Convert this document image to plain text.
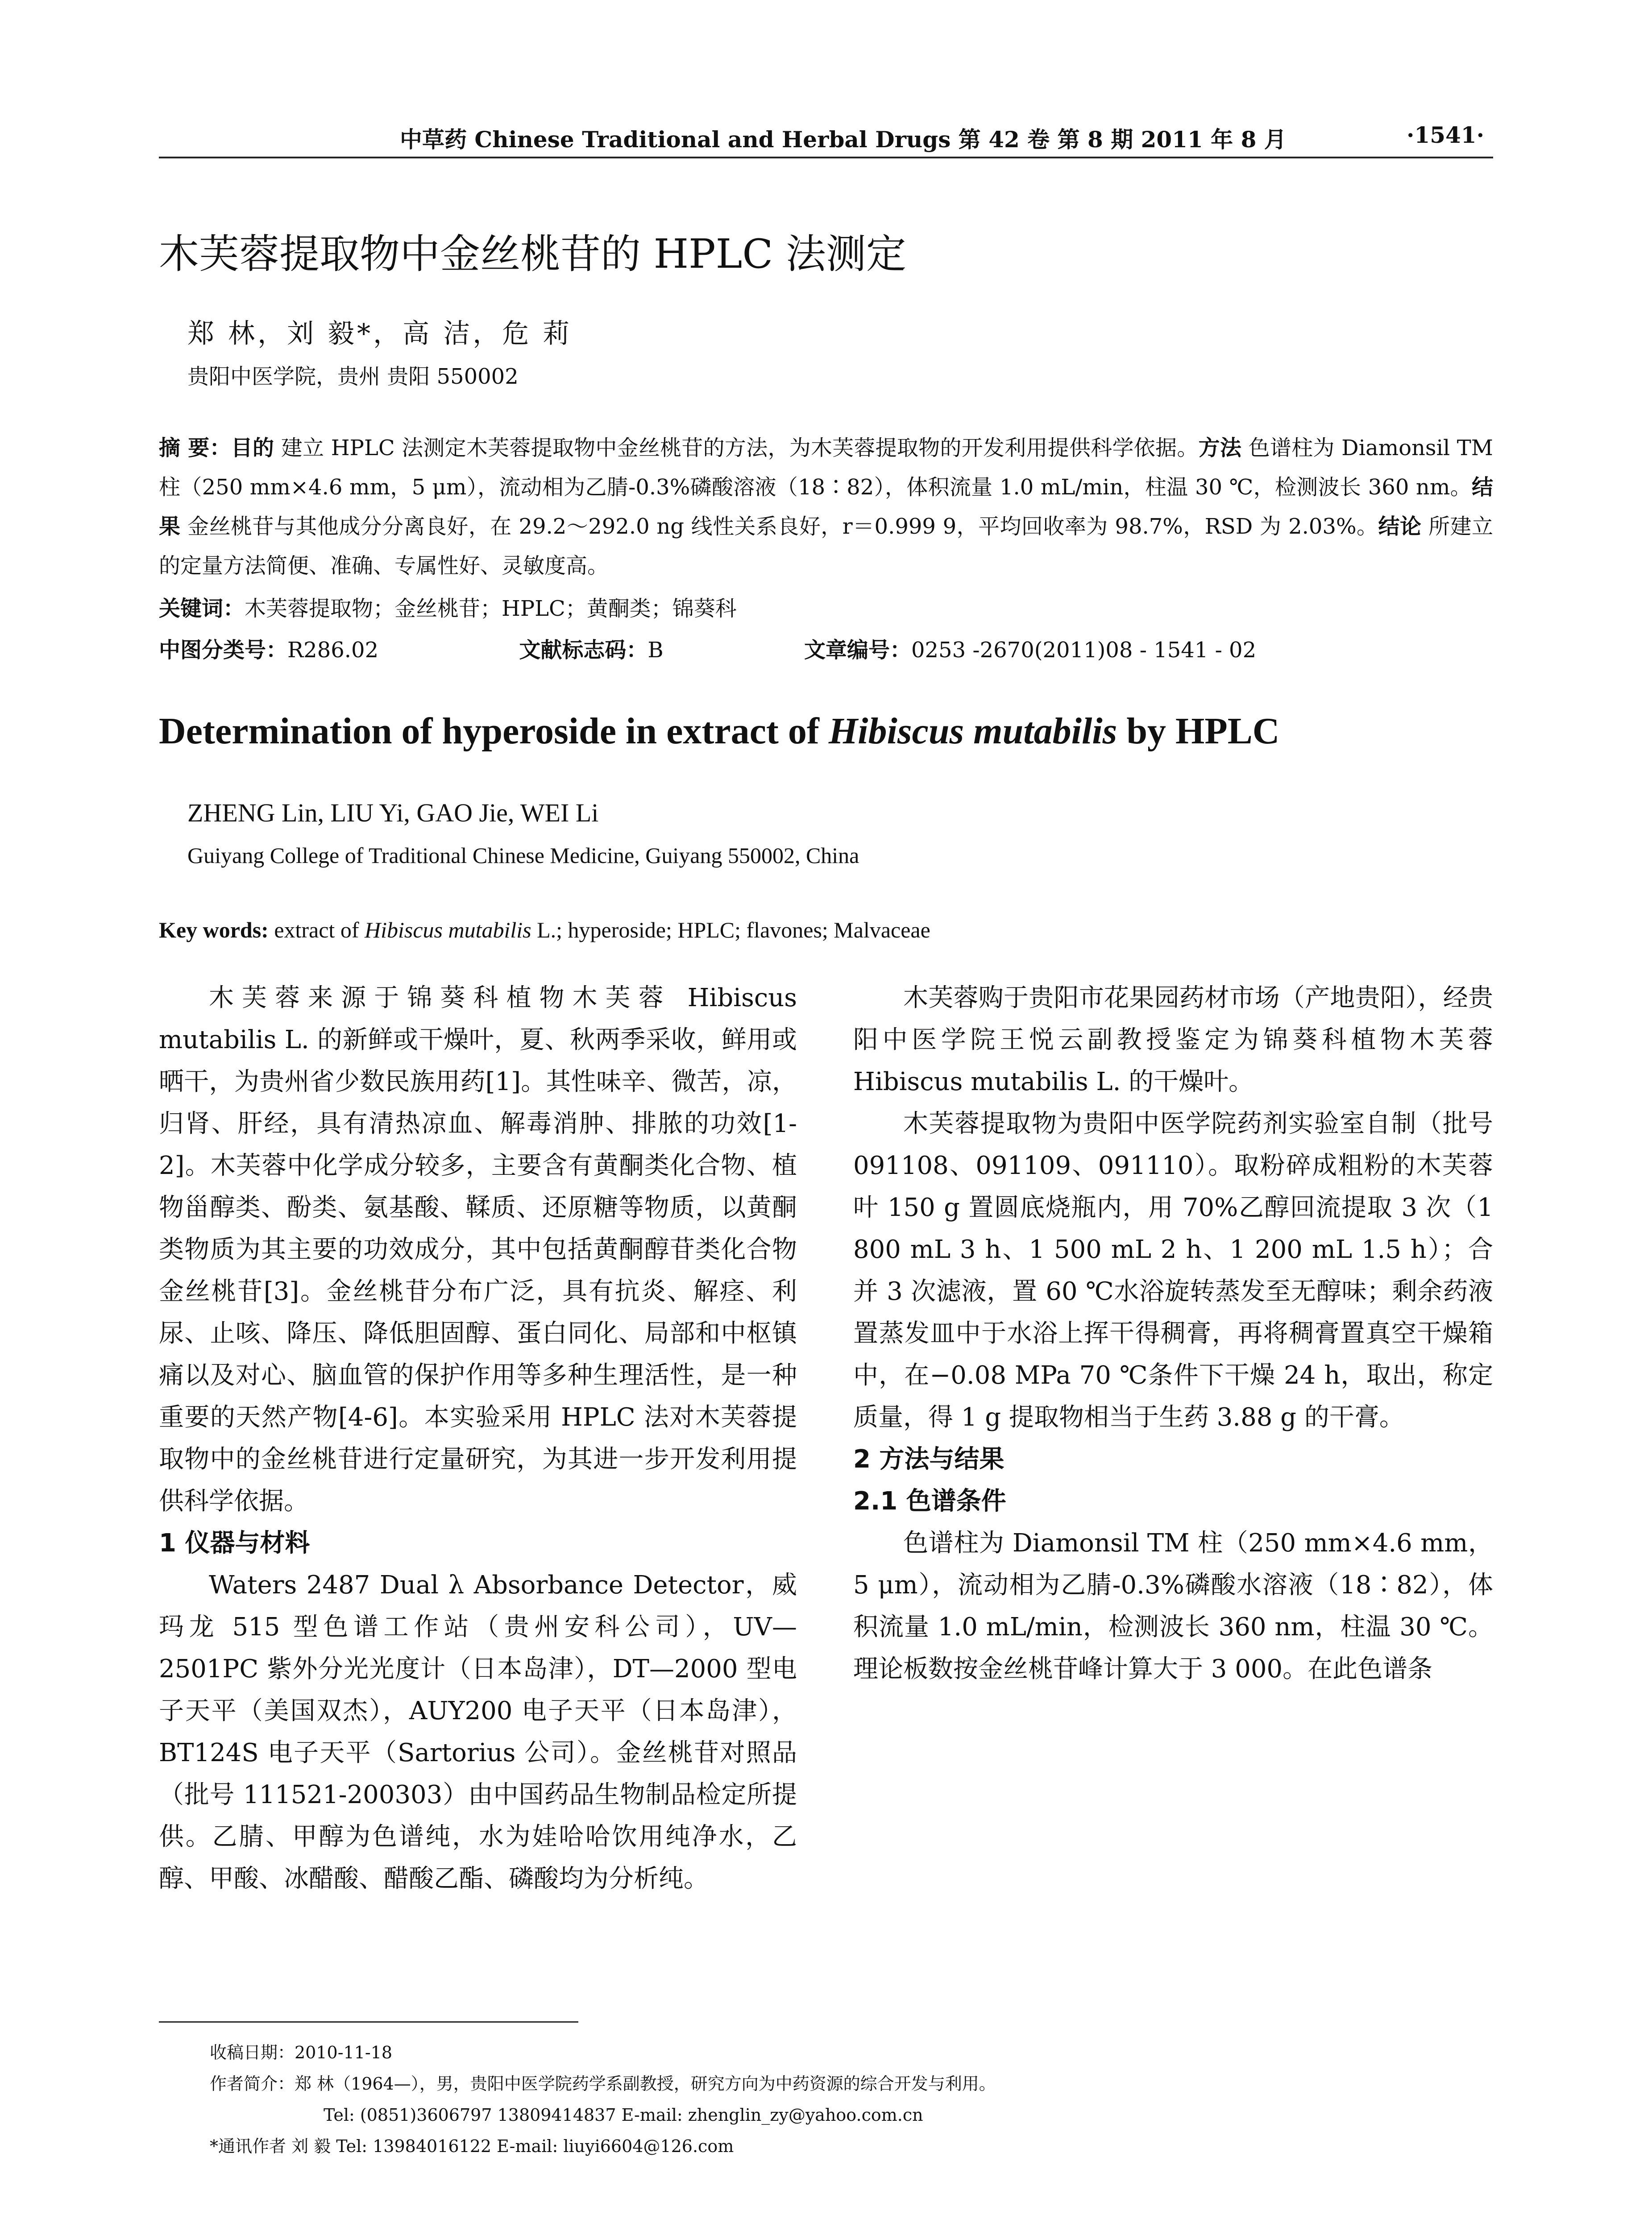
中草药 Chinese Traditional and Herbal Drugs 第 42 卷 第 8 期 2011 年 8 月	·1541·
木芙蓉提取物中金丝桃苷的 HPLC 法测定
郑 林，刘 毅*，高 洁，危 莉
贵阳中医学院，贵州 贵阳 550002
摘 要：目的 建立 HPLC 法测定木芙蓉提取物中金丝桃苷的方法，为木芙蓉提取物的开发利用提供科学依据。方法 色谱柱为 Diamonsil TM 柱（250 mm×4.6 mm，5 μm），流动相为乙腈-0.3%磷酸溶液（18∶82），体积流量 1.0 mL/min，柱温 30 ℃，检测波长 360 nm。结果 金丝桃苷与其他成分分离良好，在 29.2～292.0 ng 线性关系良好，r＝0.999 9，平均回收率为 98.7%，RSD 为 2.03%。结论 所建立的定量方法简便、准确、专属性好、灵敏度高。
关键词：木芙蓉提取物；金丝桃苷；HPLC；黄酮类；锦葵科
中图分类号：R286.02	文献标志码：B	文章编号：0253 -2670(2011)08 - 1541 - 02
Determination of hyperoside in extract of Hibiscus mutabilis by HPLC
ZHENG Lin, LIU Yi, GAO Jie, WEI Li
Guiyang College of Traditional Chinese Medicine, Guiyang 550002, China
Key words: extract of Hibiscus mutabilis L.; hyperoside; HPLC; flavones; Malvaceae

木芙蓉来源于锦葵科植物木芙蓉 Hibiscus mutabilis L. 的新鲜或干燥叶，夏、秋两季采收，鲜用或晒干，为贵州省少数民族用药[1]。其性味辛、微苦，凉，归肾、肝经，具有清热凉血、解毒消肿、排脓的功效[1-2]。木芙蓉中化学成分较多，主要含有黄酮类化合物、植物甾醇类、酚类、氨基酸、鞣质、还原糖等物质，以黄酮类物质为其主要的功效成分，其中包括黄酮醇苷类化合物金丝桃苷[3]。金丝桃苷分布广泛，具有抗炎、解痉、利尿、止咳、降压、降低胆固醇、蛋白同化、局部和中枢镇痛以及对心、脑血管的保护作用等多种生理活性，是一种重要的天然产物[4-6]。本实验采用 HPLC 法对木芙蓉提取物中的金丝桃苷进行定量研究，为其进一步开发利用提供科学依据。

1 仪器与材料

Waters 2487 Dual λ Absorbance Detector，威玛龙 515 型色谱工作站（贵州安科公司），UV—2501PC 紫外分光光度计（日本岛津），DT—2000 型电子天平（美国双杰），AUY200 电子天平（日本岛津），BT124S 电子天平（Sartorius 公司）。金丝桃苷对照品（批号 111521-200303）由中国药品生物制品检定所提供。乙腈、甲醇为色谱纯，水为娃哈哈饮用纯净水，乙醇、甲酸、冰醋酸、醋酸乙酯、磷酸均为分析纯。

木芙蓉购于贵阳市花果园药材市场（产地贵阳），经贵阳中医学院王悦云副教授鉴定为锦葵科植物木芙蓉 Hibiscus mutabilis L. 的干燥叶。

木芙蓉提取物为贵阳中医学院药剂实验室自制（批号 091108、091109、091110）。取粉碎成粗粉的木芙蓉叶 150 g 置圆底烧瓶内，用 70%乙醇回流提取 3 次（1 800 mL 3 h、1 500 mL 2 h、1 200 mL 1.5 h）；合并 3 次滤液，置 60 ℃水浴旋转蒸发至无醇味；剩余药液置蒸发皿中于水浴上挥干得稠膏，再将稠膏置真空干燥箱中，在−0.08 MPa 70 ℃条件下干燥 24 h，取出，称定质量，得 1 g 提取物相当于生药 3.88 g 的干膏。

2 方法与结果
2.1 色谱条件

色谱柱为 Diamonsil TM 柱（250 mm×4.6 mm，5 μm），流动相为乙腈-0.3%磷酸水溶液（18∶82），体积流量 1.0 mL/min，检测波长 360 nm，柱温 30 ℃。理论板数按金丝桃苷峰计算大于 3 000。在此色谱条

收稿日期：2010-11-18
作者简介：郑 林（1964—），男，贵阳中医学院药学系副教授，研究方向为中药资源的综合开发与利用。
Tel: (0851)3606797 13809414837 E-mail: zhenglin_zy@yahoo.com.cn
*通讯作者 刘 毅 Tel: 13984016122 E-mail: liuyi6604@126.com
